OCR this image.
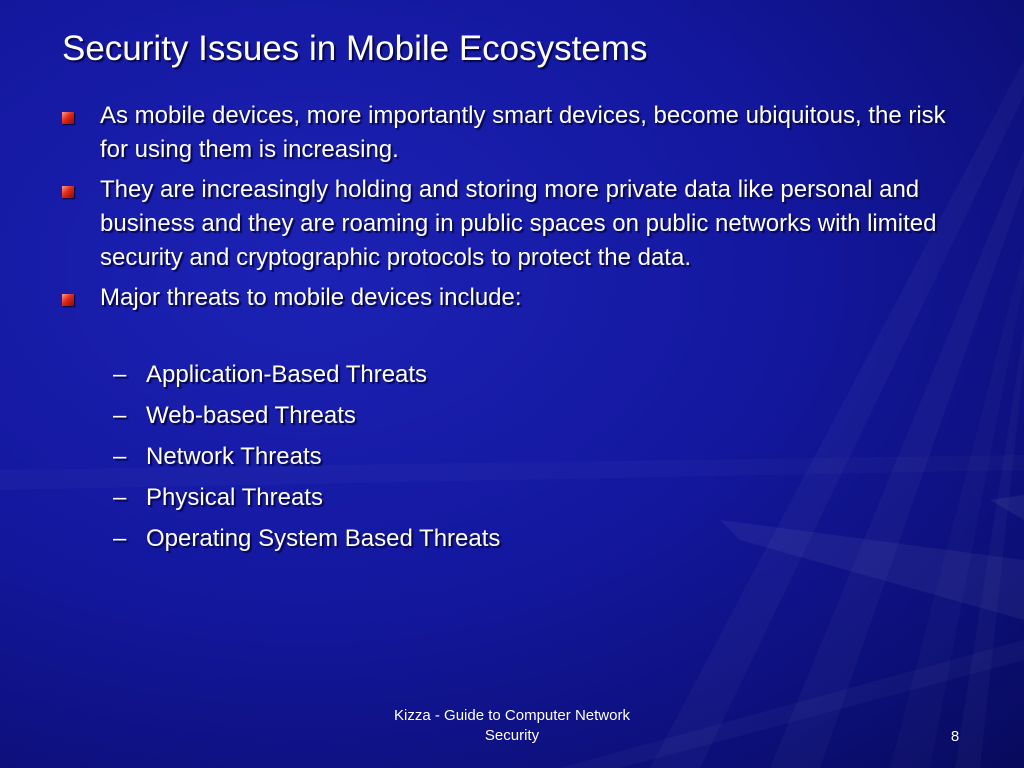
Security Issues in Mobile Ecosystems
As mobile devices, more importantly smart devices, become ubiquitous, the risk for using them is increasing.
They are increasingly holding and storing more private data like personal and business and they are roaming in public spaces on public networks with limited security and cryptographic protocols to protect the data.
Major threats to mobile devices include:
– Application-Based Threats
– Web-based Threats
– Network Threats
– Physical Threats
– Operating System Based Threats

Kizza - Guide to Computer Network Security	8
